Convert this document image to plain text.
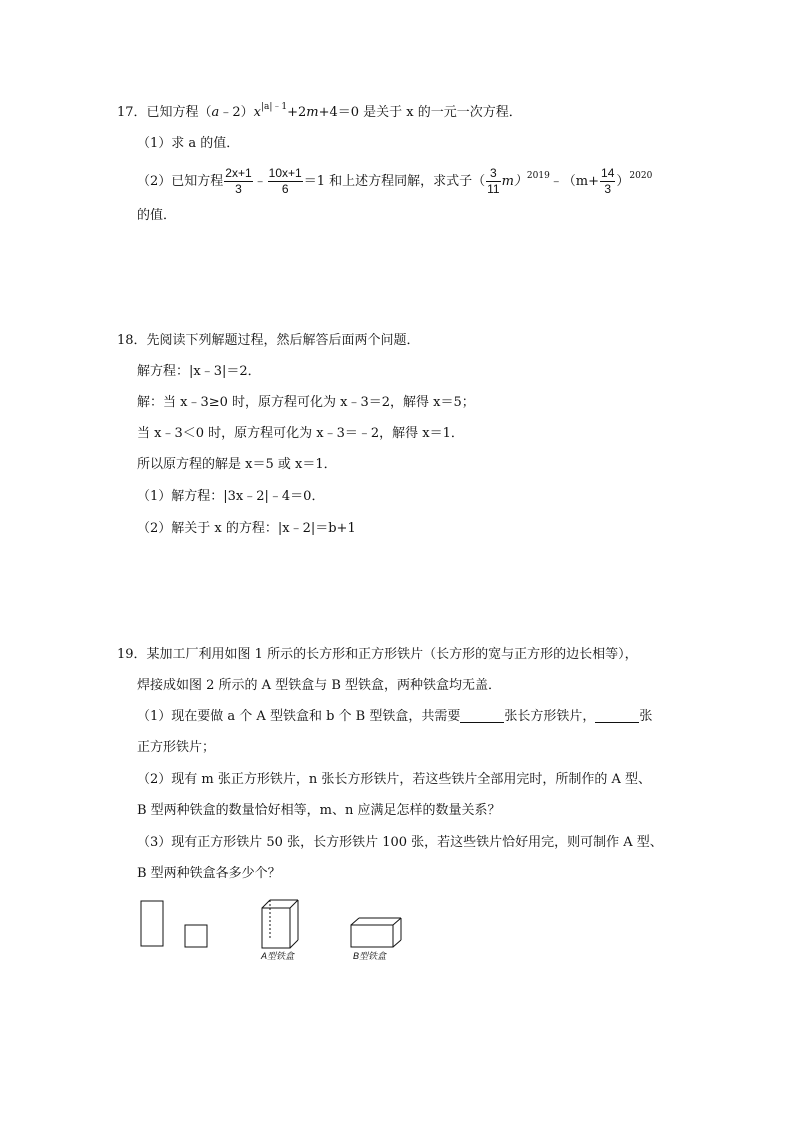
17．已知方程$(a﹣2)x^{|a|﹣1}+2m+4=0$ 是关于 x 的一元一次方程．
（1）求 a 的值．
（2）已知方程 $\frac{2x+1}{3}$ ﹣ $\frac{10x+1}{6} =1$ 和上述方程同解，求式子（ $\frac{3}{11}$ m）$^{2019}$﹣（m+ $\frac{14}{3} )^{2020}$
的值．
18．先阅读下列解题过程，然后解答后面两个问题．
解方程：|x﹣3|＝2．
解：当 x﹣3≥0 时，原方程可化为 x﹣3＝2，解得 x＝5；
当 x﹣3＜0 时，原方程可化为 x﹣3＝﹣2，解得 x＝1．
所以原方程的解是 x＝5 或 x＝1．
（1）解方程：|3x﹣2|﹣4＝0．
（2）解关于 x 的方程：|x﹣2|＝b+1
19．某加工厂利用如图 1 所示的长方形和正方形铁片（长方形的宽与正方形的边长相等），
焊接成如图 2 所示的 A 型铁盒与 B 型铁盒，两种铁盒均无盖．
（1）现在要做 a 个 A 型铁盒和 b 个 B 型铁盒，共需要	张长方形铁片，	张
正方形铁片；
（2）现有 m 张正方形铁片，n 张长方形铁片，若这些铁片全部用完时，所制作的 A 型、
B 型两种铁盒的数量恰好相等，m、n 应满足怎样的数量关系？
（3）现有正方形铁片 50 张，长方形铁片 100 张，若这些铁片恰好用完，则可制作 A 型、
B 型两种铁盒各多少个？
A型铁盒	B型铁盒
